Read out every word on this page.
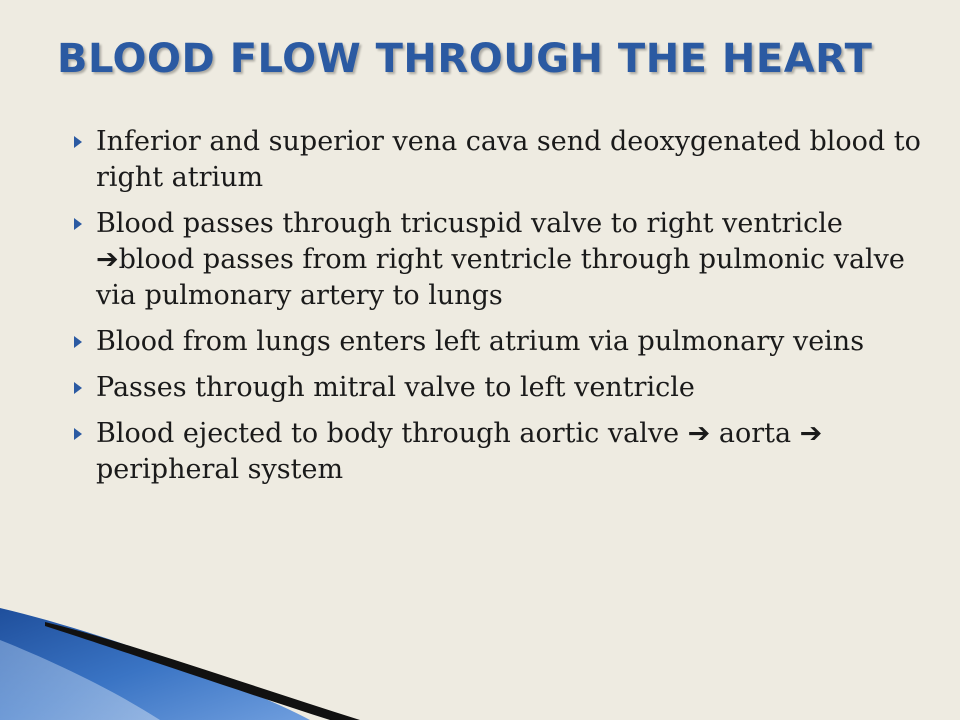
BLOOD FLOW THROUGH THE HEART
Inferior and superior vena cava send deoxygenated blood to right atrium
Blood passes through tricuspid valve to right ventricle ➔blood passes from right ventricle through pulmonic valve via pulmonary artery to lungs
Blood from lungs enters left atrium via pulmonary veins
Passes through mitral valve to left ventricle
Blood ejected to body through aortic valve ➔ aorta ➔ peripheral system
